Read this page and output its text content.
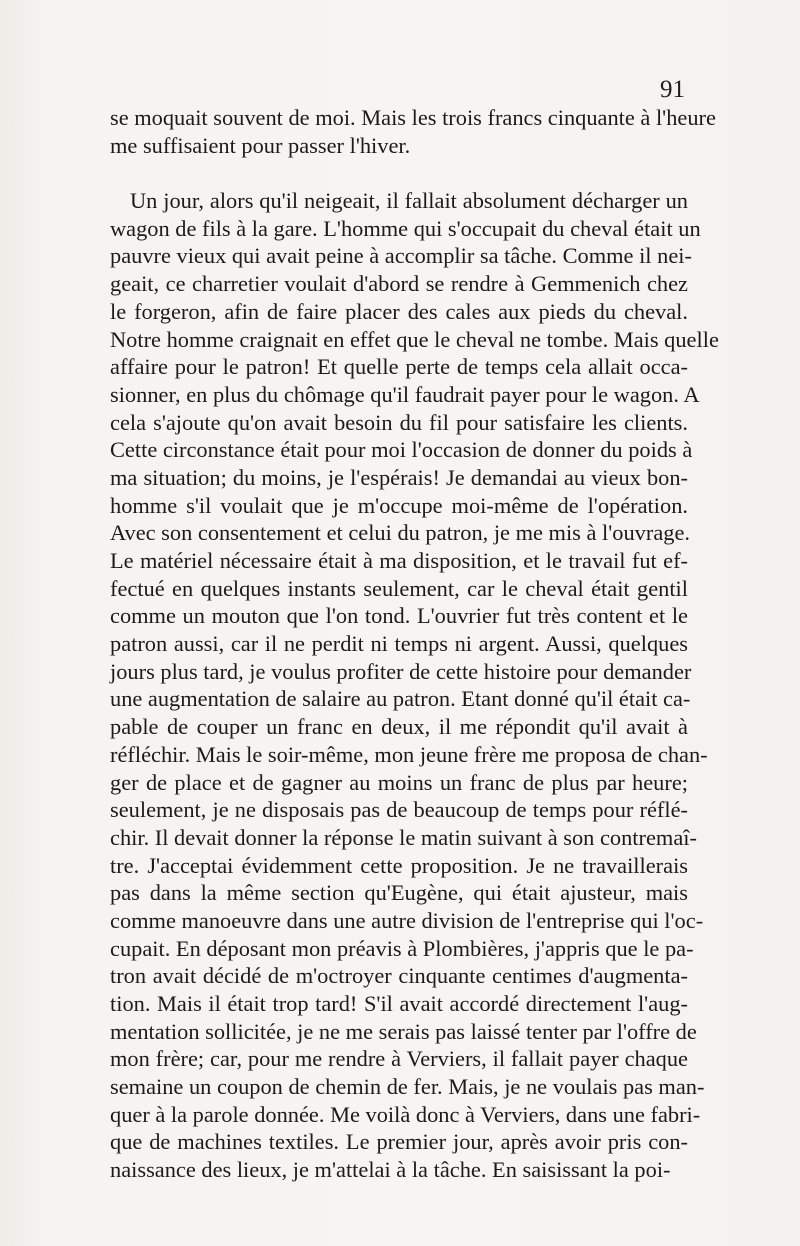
91
se moquait souvent de moi. Mais les trois francs cinquante à l'heure
me suffisaient pour passer l'hiver.
Un jour, alors qu'il neigeait, il fallait absolument décharger un
wagon de fils à la gare. L'homme qui s'occupait du cheval était un
pauvre vieux qui avait peine à accomplir sa tâche. Comme il nei-
geait, ce charretier voulait d'abord se rendre à Gemmenich chez
le forgeron, afin de faire placer des cales aux pieds du cheval.
Notre homme craignait en effet que le cheval ne tombe. Mais quelle
affaire pour le patron! Et quelle perte de temps cela allait occa-
sionner, en plus du chômage qu'il faudrait payer pour le wagon. A
cela s'ajoute qu'on avait besoin du fil pour satisfaire les clients.
Cette circonstance était pour moi l'occasion de donner du poids à
ma situation; du moins, je l'espérais! Je demandai au vieux bon-
homme s'il voulait que je m'occupe moi-même de l'opération.
Avec son consentement et celui du patron, je me mis à l'ouvrage.
Le matériel nécessaire était à ma disposition, et le travail fut ef-
fectué en quelques instants seulement, car le cheval était gentil
comme un mouton que l'on tond. L'ouvrier fut très content et le
patron aussi, car il ne perdit ni temps ni argent. Aussi, quelques
jours plus tard, je voulus profiter de cette histoire pour demander
une augmentation de salaire au patron. Etant donné qu'il était ca-
pable de couper un franc en deux, il me répondit qu'il avait à
réfléchir. Mais le soir-même, mon jeune frère me proposa de chan-
ger de place et de gagner au moins un franc de plus par heure;
seulement, je ne disposais pas de beaucoup de temps pour réflé-
chir. Il devait donner la réponse le matin suivant à son contremaî-
tre. J'acceptai évidemment cette proposition. Je ne travaillerais
pas dans la même section qu'Eugène, qui était ajusteur, mais
comme manoeuvre dans une autre division de l'entreprise qui l'oc-
cupait. En déposant mon préavis à Plombières, j'appris que le pa-
tron avait décidé de m'octroyer cinquante centimes d'augmenta-
tion. Mais il était trop tard! S'il avait accordé directement l'aug-
mentation sollicitée, je ne me serais pas laissé tenter par l'offre de
mon frère; car, pour me rendre à Verviers, il fallait payer chaque
semaine un coupon de chemin de fer. Mais, je ne voulais pas man-
quer à la parole donnée. Me voilà donc à Verviers, dans une fabri-
que de machines textiles. Le premier jour, après avoir pris con-
naissance des lieux, je m'attelai à la tâche. En saisissant la poi-
